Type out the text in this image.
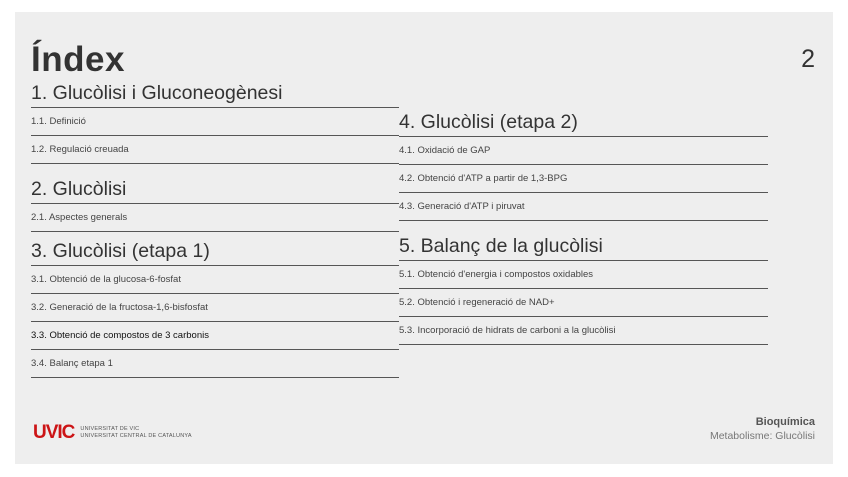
Índex	2
1. Glucòlisi i Gluconeogènesi
1.1. Definició
1.2. Regulació creuada
2. Glucòlisi
2.1. Aspectes generals
3. Glucòlisi (etapa 1)
3.1. Obtenció de la glucosa-6-fosfat
3.2. Generació de la fructosa-1,6-bisfosfat
3.3. Obtenció de compostos de 3 carbonis
3.4. Balanç etapa 1
4. Glucòlisi (etapa 2)
4.1. Oxidació de GAP
4.2. Obtenció d'ATP a partir de 1,3-BPG
4.3. Generació d'ATP i piruvat
5. Balanç de la glucòlisi
5.1. Obtenció d'energia i compostos oxidables
5.2. Obtenció i regeneració de NAD+
5.3. Incorporació de hidrats de carboni a la glucòlisi
UVIC UNIVERSITAT DE VIC
UNIVERSITAT CENTRAL DE CATALUNYA
Bioquímica
Metabolisme: Glucòlisi
